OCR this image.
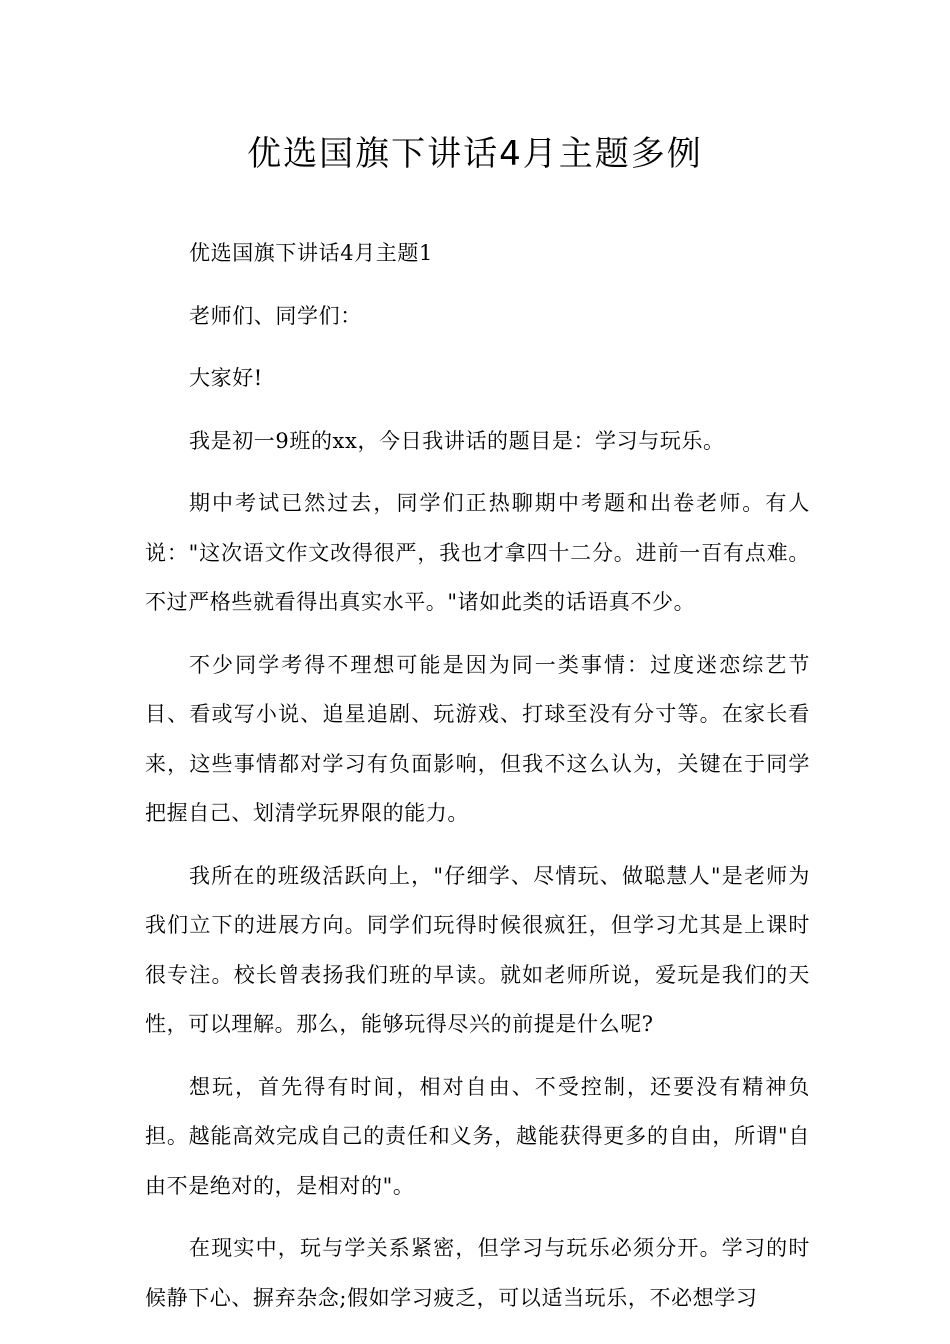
优选国旗下讲话4月主题多例

优选国旗下讲话4月主题1

老师们、同学们：

大家好!

我是初一9班的xx，今日我讲话的题目是：学习与玩乐。

期中考试已然过去，同学们正热聊期中考题和出卷老师。有人说："这次语文作文改得很严，我也才拿四十二分。进前一百有点难。不过严格些就看得出真实水平。"诸如此类的话语真不少。

不少同学考得不理想可能是因为同一类事情：过度迷恋综艺节目、看或写小说、追星追剧、玩游戏、打球至没有分寸等。在家长看来，这些事情都对学习有负面影响，但我不这么认为，关键在于同学把握自己、划清学玩界限的能力。

我所在的班级活跃向上，"仔细学、尽情玩、做聪慧人"是老师为我们立下的进展方向。同学们玩得时候很疯狂，但学习尤其是上课时很专注。校长曾表扬我们班的早读。就如老师所说，爱玩是我们的天性，可以理解。那么，能够玩得尽兴的前提是什么呢?

想玩，首先得有时间，相对自由、不受控制，还要没有精神负担。越能高效完成自己的责任和义务，越能获得更多的自由，所谓"自由不是绝对的，是相对的"。

在现实中，玩与学关系紧密，但学习与玩乐必须分开。学习的时候静下心、摒弃杂念;假如学习疲乏，可以适当玩乐，不必想学习
